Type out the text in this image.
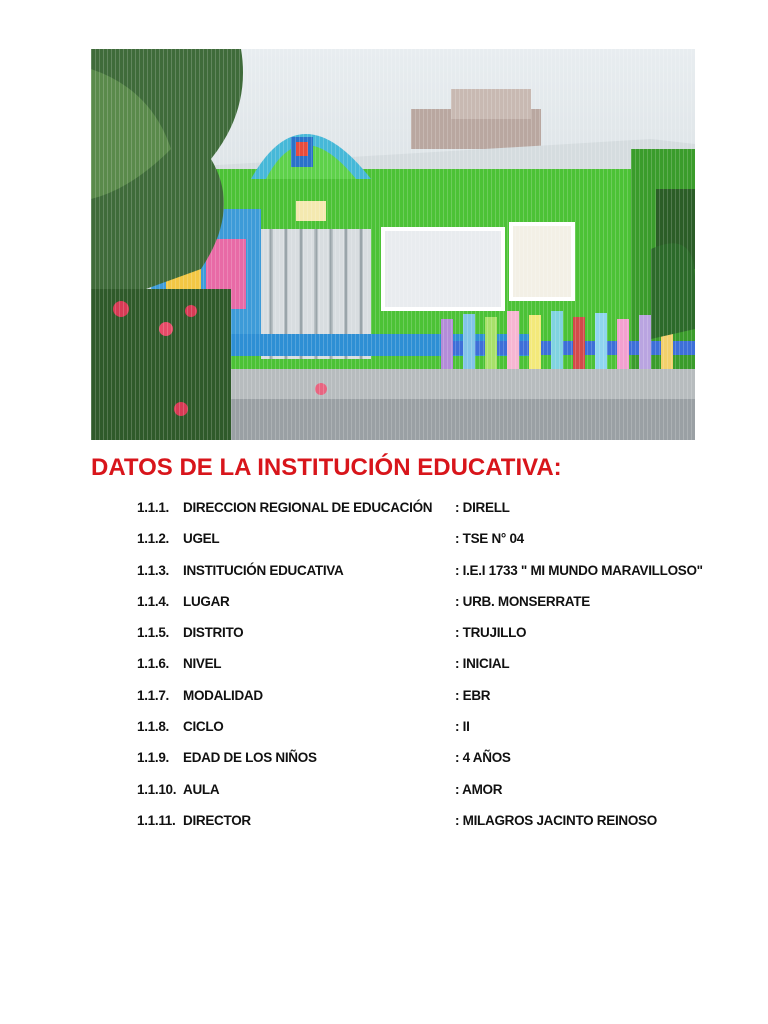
DATOS DE LA INSTITUCIÓN EDUCATIVA:
1.1.1. DIRECCION REGIONAL DE EDUCACIÓN : DIRELL
1.1.2. UGEL	: TSE N° 04
1.1.3. INSTITUCIÓN EDUCATIVA	: I.E.I 1733 " MI MUNDO MARAVILLOSO"
1.1.4. LUGAR	: URB. MONSERRATE
1.1.5. DISTRITO	: TRUJILLO
1.1.6. NIVEL	: INICIAL
1.1.7. MODALIDAD	: EBR
1.1.8. CICLO	: II
1.1.9. EDAD DE LOS NIÑOS	: 4 AÑOS
1.1.10. AULA	: AMOR
1.1.11. DIRECTOR	: MILAGROS JACINTO REINOSO
